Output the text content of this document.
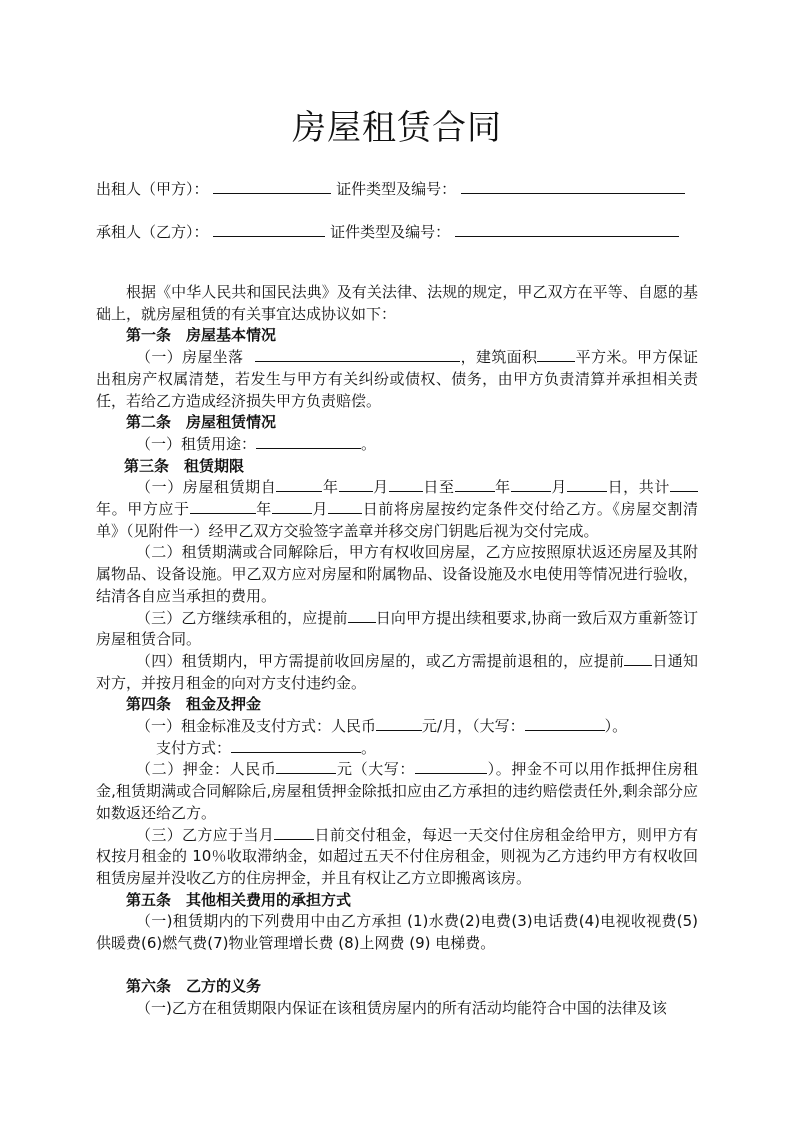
房屋租赁合同
出租人（甲方）：	证件类型及编号：
承租人（乙方）：	证件类型及编号：

根据《中华人民共和国民法典》及有关法律、法规的规定，甲乙双方在平等、自愿的基础上，就房屋租赁的有关事宜达成协议如下：

第一条　房屋基本情况

（一）房屋坐落	，建筑面积	平方米。甲方保证出租房产权属清楚，若发生与甲方有关纠纷或债权、债务，由甲方负责清算并承担相关责任，若给乙方造成经济损失甲方负责赔偿。

第二条　房屋租赁情况

（一）租赁用途：	。

第三条　租赁期限

（一）房屋租赁期自	年 月 日至	年	月	日，共计年。甲方应于	年	月 日前将房屋按约定条件交付给乙方。《房屋交割清单》（见附件一）经甲乙双方交验签字盖章并移交房门钥匙后视为交付完成。

（二）租赁期满或合同解除后，甲方有权收回房屋，乙方应按照原状返还房屋及其附属物品、设备设施。甲乙双方应对房屋和附属物品、设备设施及水电使用等情况进行验收，结清各自应当承担的费用。

（三）乙方继续承租的，应提前 日向甲方提出续租要求,协商一致后双方重新签订房屋租赁合同。

（四）租赁期内，甲方需提前收回房屋的，或乙方需提前退租的，应提前 日通知对方，并按月租金的向对方支付违约金。

第四条　租金及押金

（一）租金标准及支付方式：人民币	元/月，（大写：	）。

支付方式：	。

（二）押金：人民币	元（大写：	）。押金不可以用作抵押住房租金,租赁期满或合同解除后,房屋租赁押金除抵扣应由乙方承担的违约赔偿责任外,剩余部分应如数返还给乙方。

（三）乙方应于当月	日前交付租金，每迟一天交付住房租金给甲方，则甲方有权按月租金的 10％收取滞纳金，如超过五天不付住房租金，则视为乙方违约甲方有权收回租赁房屋并没收乙方的住房押金，并且有权让乙方立即搬离该房。

第五条　其他相关费用的承担方式

（一)租赁期内的下列费用中由乙方承担 (1)水费(2)电费(3)电话费(4)电视收视费(5)供暖费(6)燃气费(7)物业管理增长费 (8)上网费 (9) 电梯费。

第六条　乙方的义务

（一)乙方在租赁期限内保证在该租赁房屋内的所有活动均能符合中国的法律及该
